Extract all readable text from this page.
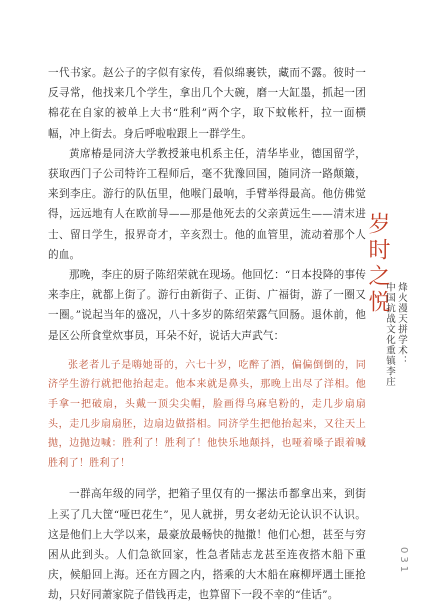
一代书家。赵公子的字似有家传，看似绵裹铁，藏而不露。彼时一反寻常，他找来几个学生，拿出几个大碗，磨一大缸墨，抓起一团棉花在自家的被单上大书“胜利”两个字，取下蚊帐杆，拉一面横幅，冲上街去。身后呼啦啦跟上一群学生。

黄席椿是同济大学教授兼电机系主任，清华毕业，德国留学，获取西门子公司特许工程师后，毫不犹豫回国，随同济一路颠簸，来到李庄。游行的队伍里，他喉门最响，手臂举得最高。他仿佛觉得，远远地有人在欧前导——那是他死去的父亲黄远生——清末进士、留日学生，报界奇才，辛亥烈士。他的血管里，流动着那个人的血。

那晚，李庄的厨子陈绍荣就在现场。他回忆：“日本投降的事传来李庄，就都上街了。游行由新街子、正街、广福街，游了一圈又一圈。”说起当年的盛况，八十多岁的陈绍荣露气回肠。退休前，他是区公所食堂炊事员，耳朵不好，说话大声武气：

张老者儿子是嗨她哥的，六七十岁，吃醉了酒，偏偏倒倒的，同济学生游行就把他抬起走。他本来就是鼻头，那晚上出尽了洋相。他手拿一把破扇，头戴一顶尖尖帽，脸画得乌麻皂粉的，走几步扇扇头，走几步扇扇胚，边扇边做搭相。同济学生把他抬起来，又往天上抛，边抛边喊：胜利了！胜利了！他快乐地颠抖，也哑着嗓子跟着喊胜利了！胜利了！

一群高年级的同学，把箱子里仅有的一摞法币都拿出来，到街上买了几大筐“哑巴花生”，见人就拼，男女老幼无论认识不认识。这是他们上大学以来，最豪放最畅快的抛撒！他们心想，甚至与穷困从此到头。人们急欲回家，性急者陆志龙甚至连夜搭木船下重庆，候船回上海。还在方圆之内，搭乘的大木船在麻柳坪遇土匪抢劫，只好同萧家院子借钱再走，也算留下一段不幸的“佳话”。

岁时之悦
烽火漫天拼学术：
中国抗战文化重镇李庄
031
